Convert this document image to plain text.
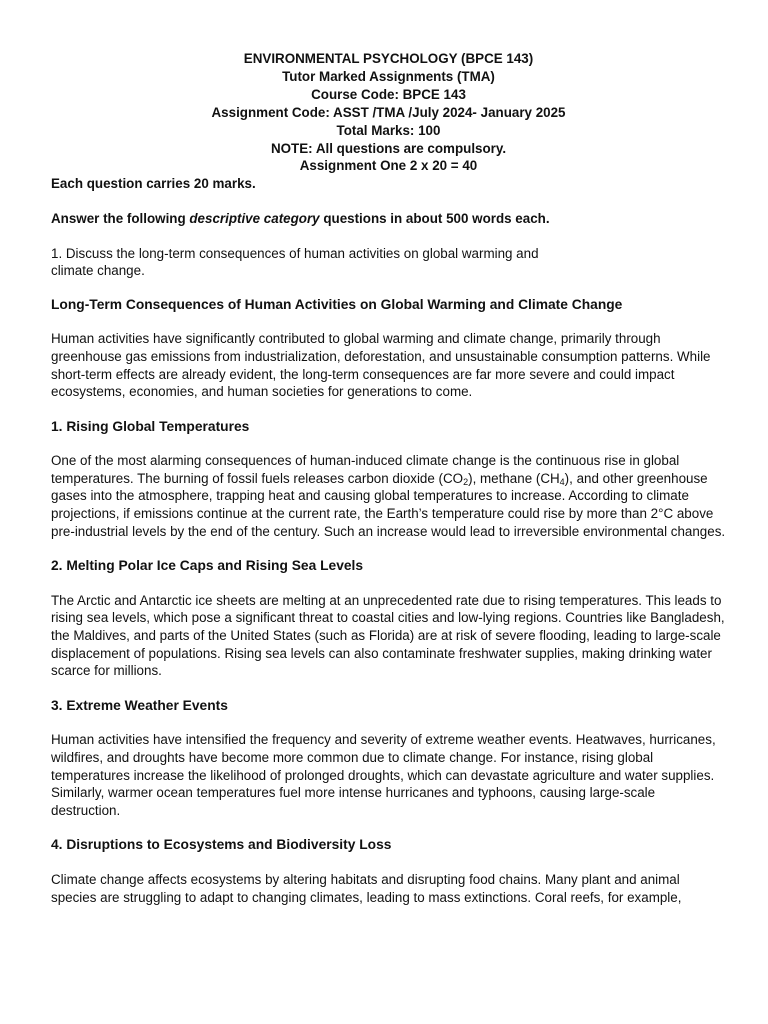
ENVIRONMENTAL PSYCHOLOGY (BPCE 143)
Tutor Marked Assignments (TMA)
Course Code: BPCE 143
Assignment Code: ASST /TMA /July 2024- January 2025
Total Marks: 100
NOTE: All questions are compulsory.
Assignment One 2 x 20 = 40
Each question carries 20 marks.
Answer the following descriptive category questions in about 500 words each.
1. Discuss the long-term consequences of human activities on global warming and climate change.
Long-Term Consequences of Human Activities on Global Warming and Climate Change

Human activities have significantly contributed to global warming and climate change, primarily through greenhouse gas emissions from industrialization, deforestation, and unsustainable consumption patterns. While short-term effects are already evident, the long-term consequences are far more severe and could impact ecosystems, economies, and human societies for generations to come.

1. Rising Global Temperatures

One of the most alarming consequences of human-induced climate change is the continuous rise in global temperatures. The burning of fossil fuels releases carbon dioxide $(CO_2)$, methane $(CH_4)$, and other greenhouse gases into the atmosphere, trapping heat and causing global temperatures to increase. According to climate projections, if emissions continue at the current rate, the Earth’s temperature could rise by more than 2°C above pre-industrial levels by the end of the century. Such an increase would lead to irreversible environmental changes.

2. Melting Polar Ice Caps and Rising Sea Levels

The Arctic and Antarctic ice sheets are melting at an unprecedented rate due to rising temperatures. This leads to rising sea levels, which pose a significant threat to coastal cities and low-lying regions. Countries like Bangladesh, the Maldives, and parts of the United States (such as Florida) are at risk of severe flooding, leading to large-scale displacement of populations. Rising sea levels can also contaminate freshwater supplies, making drinking water scarce for millions.

3. Extreme Weather Events

Human activities have intensified the frequency and severity of extreme weather events. Heatwaves, hurricanes, wildfires, and droughts have become more common due to climate change. For instance, rising global temperatures increase the likelihood of prolonged droughts, which can devastate agriculture and water supplies. Similarly, warmer ocean temperatures fuel more intense hurricanes and typhoons, causing large-scale destruction.

4. Disruptions to Ecosystems and Biodiversity Loss

Climate change affects ecosystems by altering habitats and disrupting food chains. Many plant and animal species are struggling to adapt to changing climates, leading to mass extinctions. Coral reefs, for example,
